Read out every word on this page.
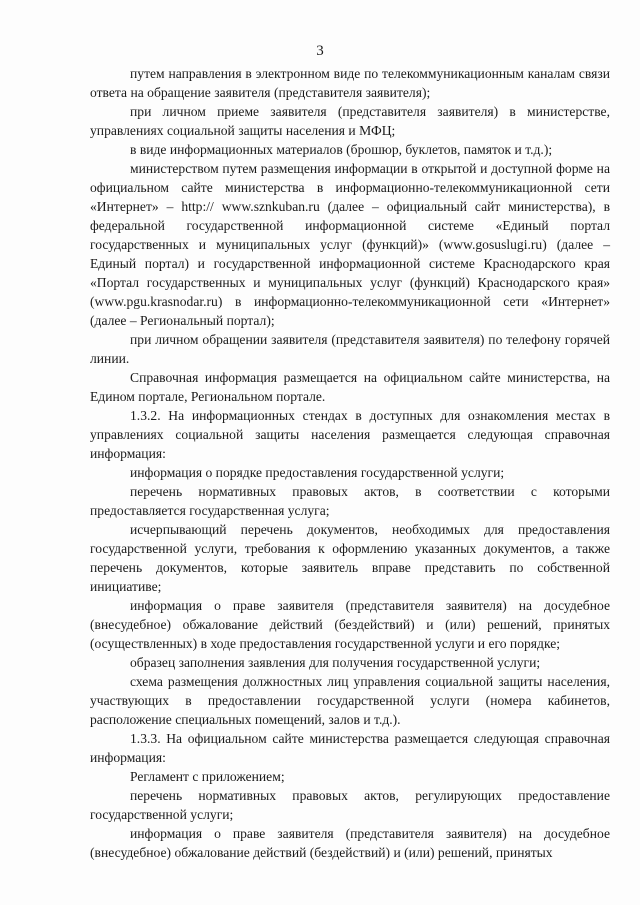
3

путем направления в электронном виде по телекоммуникационным каналам связи ответа на обращение заявителя (представителя заявителя);

при личном приеме заявителя (представителя заявителя) в министерстве, управлениях социальной защиты населения и МФЦ;

в виде информационных материалов (брошюр, буклетов, памяток и т.д.);

министерством путем размещения информации в открытой и доступной форме на официальном сайте министерства в информационно-телекоммуникационной сети «Интернет» – http:// www.sznkuban.ru (далее – официальный сайт министерства), в федеральной государственной информационной системе «Единый портал государственных и муниципальных услуг (функций)» (www.gosuslugi.ru) (далее – Единый портал) и государственной информационной системе Краснодарского края «Портал государственных и муниципальных услуг (функций) Краснодарского края» (www.pgu.krasnodar.ru) в информационно-телекоммуникационной сети «Интернет» (далее – Региональный портал);

при личном обращении заявителя (представителя заявителя) по телефону горячей линии.

Справочная информация размещается на официальном сайте министерства, на Едином портале, Региональном портале.

1.3.2. На информационных стендах в доступных для ознакомления местах в управлениях социальной защиты населения размещается следующая справочная информация:

информация о порядке предоставления государственной услуги;

перечень нормативных правовых актов, в соответствии с которыми предоставляется государственная услуга;

исчерпывающий перечень документов, необходимых для предоставления государственной услуги, требования к оформлению указанных документов, а также перечень документов, которые заявитель вправе представить по собственной инициативе;

информация о праве заявителя (представителя заявителя) на досудебное (внесудебное) обжалование действий (бездействий) и (или) решений, принятых (осуществленных) в ходе предоставления государственной услуги и его порядке;

образец заполнения заявления для получения государственной услуги;

схема размещения должностных лиц управления социальной защиты населения, участвующих в предоставлении государственной услуги (номера кабинетов, расположение специальных помещений, залов и т.д.).

1.3.3. На официальном сайте министерства размещается следующая справочная информация:

Регламент с приложением;

перечень нормативных правовых актов, регулирующих предоставление государственной услуги;

информация о праве заявителя (представителя заявителя) на досудебное (внесудебное) обжалование действий (бездействий) и (или) решений, принятых
